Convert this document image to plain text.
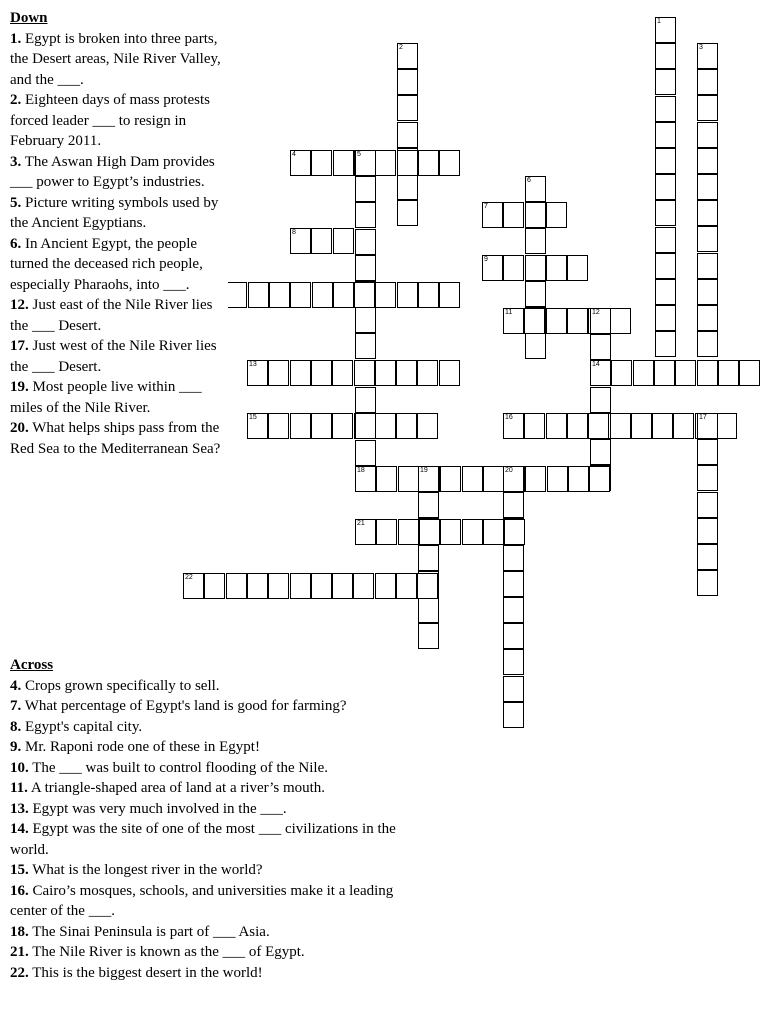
1
2	3
4	5
6
7
8
9
11	12
13	14
15	16	17
18	19	20
21
22
Down

1. Egypt is broken into three parts, the Desert areas, Nile River Valley, and the ___.

2. Eighteen days of mass protests forced leader ___ to resign in February 2011.

3. The Aswan High Dam provides ___ power to Egypt’s industries.

5. Picture writing symbols used by the Ancient Egyptians.

6. In Ancient Egypt, the people turned the deceased rich people, especially Pharaohs, into ___.

12. Just east of the Nile River lies the ___ Desert.

17. Just west of the Nile River lies the ___ Desert.

19. Most people live within ___ miles of the Nile River.

20. What helps ships pass from the Red Sea to the Mediterranean Sea?

Across

4. Crops grown specifically to sell.

7. What percentage of Egypt's land is good for farming?

8. Egypt's capital city.

9. Mr. Raponi rode one of these in Egypt!

10. The ___ was built to control flooding of the Nile.

11. A triangle-shaped area of land at a river’s mouth.

13. Egypt was very much involved in the ___.

14. Egypt was the site of one of the most ___ civilizations in the world.

15. What is the longest river in the world?

16. Cairo’s mosques, schools, and universities make it a leading center of the ___.

18. The Sinai Peninsula is part of ___ Asia.

21. The Nile River is known as the ___ of Egypt.

22. This is the biggest desert in the world!
